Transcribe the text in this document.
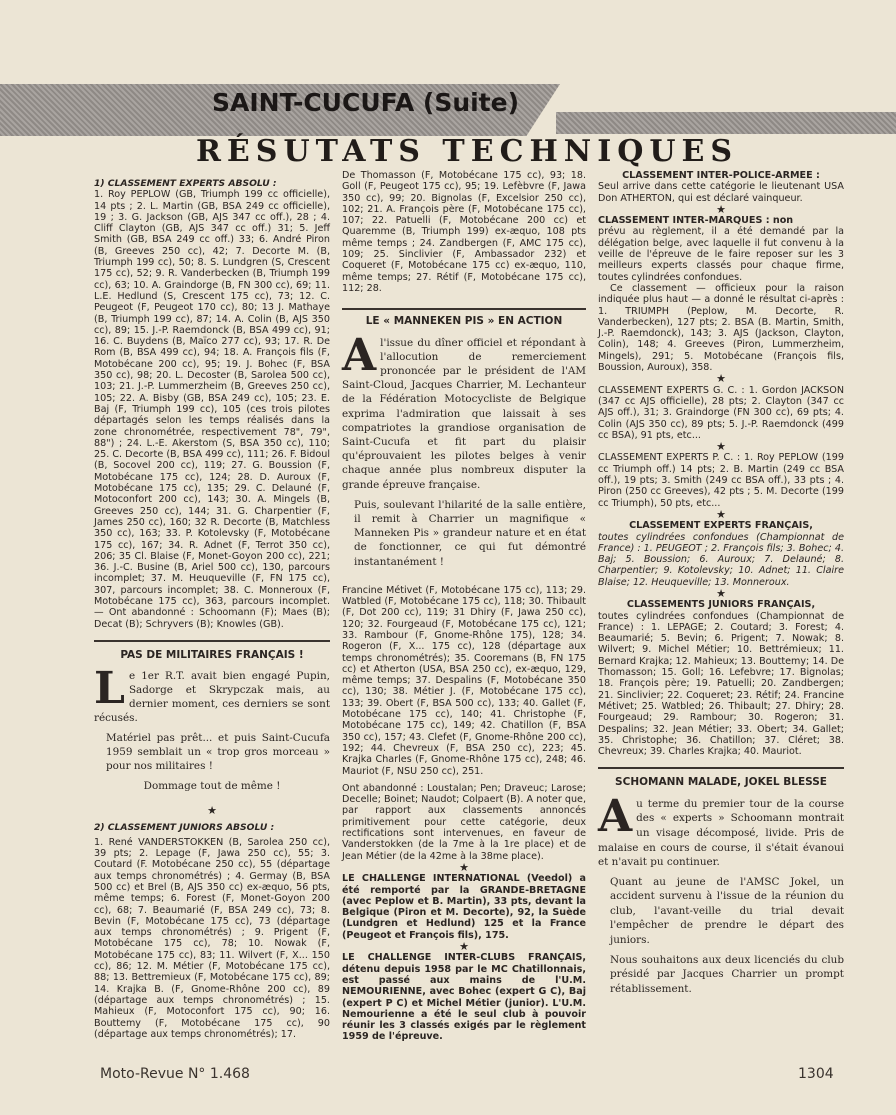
SAINT-CUCUFA (Suite)
RÉSUTATS TECHNIQUES

1) CLASSEMENT EXPERTS ABSOLU :

1. Roy PEPLOW (GB, Triumph 199 cc officielle), 14 pts ; 2. L. Martin (GB, BSA 249 cc officielle), 19 ; 3. G. Jackson (GB, AJS 347 cc off.), 28 ; 4. Cliff Clayton (GB, AJS 347 cc off.) 31; 5. Jeff Smith (GB, BSA 249 cc off.) 33; 6. André Piron (B, Greeves 250 cc), 42; 7. Decorte M. (B, Triumph 199 cc), 50; 8. S. Lundgren (S, Crescent 175 cc), 52; 9. R. Vanderbecken (B, Triumph 199 cc), 63; 10. A. Graindorge (B, FN 300 cc), 69; 11. L.E. Hedlund (S, Crescent 175 cc), 73; 12. C. Peugeot (F, Peugeot 170 cc), 80; 13 J. Mathaye (B, Triumph 199 cc), 87; 14. A. Colin (B, AJS 350 cc), 89; 15. J.-P. Raemdonck (B, BSA 499 cc), 91; 16. C. Buydens (B, Maïco 277 cc), 93; 17. R. De Rom (B, BSA 499 cc), 94; 18. A. François fils (F, Motobécane 200 cc), 95; 19. J. Bohec (F, BSA 350 cc), 98; 20. L. Decoster (B, Sarolea 500 cc), 103; 21. J.-P. Lummerzheim (B, Greeves 250 cc), 105; 22. A. Bisby (GB, BSA 249 cc), 105; 23. E. Baj (F, Triumph 199 cc), 105 (ces trois pilotes départagés selon les temps réalisés dans la zone chronométrée, respectivement 78", 79", 88") ; 24. L.-E. Akerstom (S, BSA 350 cc), 110; 25. C. Decorte (B, BSA 499 cc), 111; 26. F. Bidoul (B, Socovel 200 cc), 119; 27. G. Boussion (F, Motobécane 175 cc), 124; 28. D. Auroux (F, Motobécane 175 cc), 135; 29. C. Delauné (F, Motoconfort 200 cc), 143; 30. A. Mingels (B, Greeves 250 cc), 144; 31. G. Charpentier (F, James 250 cc), 160; 32 R. Decorte (B, Matchless 350 cc), 163; 33. P. Kotolevsky (F, Motobécane 175 cc), 167; 34. R. Adnet (F, Terrot 350 cc), 206; 35 Cl. Blaise (F, Monet-Goyon 200 cc), 221; 36. J.-C. Busine (B, Ariel 500 cc), 130, parcours incomplet; 37. M. Heuqueville (F, FN 175 cc), 307, parcours incomplet; 38. C. Monneroux (F, Motobécane 175 cc), 363, parcours incomplet. — Ont abandonné : Schoomann (F); Maes (B); Decat (B); Schryvers (B); Knowles (GB).

PAS DE MILITAIRES FRANÇAIS !
L e 1er R.T. avait bien engagé Pupin, Sadorge et Skrypczak mais, au dernier moment, ces derniers se sont récusés.

Matériel pas prêt... et puis Saint-Cucufa 1959 semblait un « trop gros morceau » pour nos militaires !

Dommage tout de même !

★

2) CLASSEMENT JUNIORS ABSOLU :

1. René VANDERSTOKKEN (B, Sarolea 250 cc), 39 pts; 2. Lepage (F, Jawa 250 cc), 55; 3. Coutard (F. Motobécane 250 cc), 55 (départage aux temps chronométrés) ; 4. Germay (B, BSA 500 cc) et Brel (B, AJS 350 cc) ex-æquo, 56 pts, même temps; 6. Forest (F, Monet-Goyon 200 cc), 68; 7. Beaumarié (F, BSA 249 cc), 73; 8. Bevin (F, Motobécane 175 cc), 73 (départage aux temps chronométrés) ; 9. Prigent (F, Motobécane 175 cc), 78; 10. Nowak (F, Motobécane 175 cc), 83; 11. Wilvert (F, X... 150 cc), 86; 12. M. Métier (F, Motobécane 175 cc), 88; 13. Bettremieux (F, Motobécane 175 cc), 89; 14. Krajka B. (F, Gnome-Rhône 200 cc), 89 (départage aux temps chronométrés) ; 15. Mahieux (F, Motoconfort 175 cc), 90; 16. Bouttemy (F, Motobécane 175 cc), 90 (départage aux temps chronométrés); 17.

De Thomasson (F, Motobécane 175 cc), 93; 18. Goll (F, Peugeot 175 cc), 95; 19. Lefèbvre (F, Jawa 350 cc), 99; 20. Bignolas (F, Excelsior 250 cc), 102; 21. A. François père (F, Motobécane 175 cc), 107; 22. Patuelli (F, Motobécane 200 cc) et Quaremme (B, Triumph 199) ex-æquo, 108 pts même temps ; 24. Zandbergen (F, AMC 175 cc), 109; 25. Sinclivier (F, Ambassador 232) et Coqueret (F, Motobécane 175 cc) ex-æquo, 110, même temps; 27. Rétif (F, Motobécane 175 cc), 112; 28.

LE « MANNEKEN PIS » EN ACTION
A l'issue du dîner officiel et répondant à l'allocution de remerciement prononcée par le président de l'AM Saint-Cloud, Jacques Charrier, M. Lechanteur de la Fédération Motocycliste de Belgique exprima l'admiration que laissait à ses compatriotes la grandiose organisation de Saint-Cucufa et fit part du plaisir qu'éprouvaient les pilotes belges à venir chaque année plus nombreux disputer la grande épreuve française.

Puis, soulevant l'hilarité de la salle entière, il remit à Charrier un magnifique « Manneken Pis » grandeur nature et en état de fonctionner, ce qui fut démontré instantanément !

Francine Métivet (F, Motobécane 175 cc), 113; 29. Watbled (F, Motobécane 175 cc), 118; 30. Thibault (F, Dot 200 cc), 119; 31 Dhiry (F, Jawa 250 cc), 120; 32. Fourgeaud (F, Motobécane 175 cc), 121; 33. Rambour (F, Gnome-Rhône 175), 128; 34. Rogeron (F, X... 175 cc), 128 (départage aux temps chronométrés); 35. Cooremans (B, FN 175 cc) et Atherton (USA, BSA 250 cc), ex-æquo, 129, même temps; 37. Despalins (F, Motobécane 350 cc), 130; 38. Métier J. (F, Motobécane 175 cc), 133; 39. Obert (F, BSA 500 cc), 133; 40. Gallet (F, Motobécane 175 cc), 140; 41. Christophe (F, Motobécane 175 cc), 149; 42. Chatillon (F, BSA 350 cc), 157; 43. Clefet (F, Gnome-Rhône 200 cc), 192; 44. Chevreux (F, BSA 250 cc), 223; 45. Krajka Charles (F, Gnome-Rhône 175 cc), 248; 46. Mauriot (F, NSU 250 cc), 251.

Ont abandonné : Loustalan; Pen; Draveuc; Larose; Decelle; Boinet; Naudot; Colpaert (B). A noter que, par rapport aux classements annoncés primitivement pour cette catégorie, deux rectifications sont intervenues, en faveur de Vanderstokken (de la 7me à la 1re place) et de Jean Métier (de la 42me à la 38me place).

★

LE CHALLENGE INTERNATIONAL (Veedol) a été remporté par la GRANDE-BRETAGNE (avec Peplow et B. Martin), 33 pts, devant la Belgique (Piron et M. Decorte), 92, la Suède (Lundgren et Hedlund) 125 et la France (Peugeot et François fils), 175.

★

LE CHALLENGE INTER-CLUBS FRANÇAIS, détenu depuis 1958 par le MC Chatillonnais, est passé aux mains de l'U.M. NEMOURIENNE, avec Bohec (expert G C), Baj (expert P C) et Michel Métier (junior). L'U.M. Nemourienne a été le seul club à pouvoir réunir les 3 classés exigés par le règlement 1959 de l'épreuve.

CLASSEMENT INTER-POLICE-ARMEE :

Seul arrive dans cette catégorie le lieutenant USA Don ATHERTON, qui est déclaré vainqueur.

★

CLASSEMENT INTER-MARQUES : non

prévu au règlement, il a été demandé par la délégation belge, avec laquelle il fut convenu à la veille de l'épreuve de le faire reposer sur les 3 meilleurs experts classés pour chaque firme, toutes cylindrées confondues.

Ce classement — officieux pour la raison indiquée plus haut — a donné le résultat ci-après : 1. TRIUMPH (Peplow, M. Decorte, R. Vanderbecken), 127 pts; 2. BSA (B. Martin, Smith, J.-P. Raemdonck), 143; 3. AJS (Jackson, Clayton, Colin), 148; 4. Greeves (Piron, Lummerzheim, Mingels), 291; 5. Motobécane (François fils, Boussion, Auroux), 358.

★

CLASSEMENT EXPERTS G. C. : 1. Gordon JACKSON (347 cc AJS officielle), 28 pts; 2. Clayton (347 cc AJS off.), 31; 3. Graindorge (FN 300 cc), 69 pts; 4. Colin (AJS 350 cc), 89 pts; 5. J.-P. Raemdonck (499 cc BSA), 91 pts, etc...

★

CLASSEMENT EXPERTS P. C. : 1. Roy PEPLOW (199 cc Triumph off.) 14 pts; 2. B. Martin (249 cc BSA off.), 19 pts; 3. Smith (249 cc BSA off.), 33 pts ; 4. Piron (250 cc Greeves), 42 pts ; 5. M. Decorte (199 cc Triumph), 50 pts, etc...

★

CLASSEMENT EXPERTS FRANÇAIS,

toutes cylindrées confondues (Championnat de France) : 1. PEUGEOT ; 2. François fils; 3. Bohec; 4. Baj; 5. Boussion; 6. Auroux; 7. Delauné; 8. Charpentier; 9. Kotolevsky; 10. Adnet; 11. Claire Blaise; 12. Heuqueville; 13. Monneroux.

★

CLASSEMENTS JUNIORS FRANÇAIS,

toutes cylindrées confondues (Championnat de France) : 1. LEPAGE; 2. Coutard; 3. Forest; 4. Beaumarié; 5. Bevin; 6. Prigent; 7. Nowak; 8. Wilvert; 9. Michel Métier; 10. Bettrémieux; 11. Bernard Krajka; 12. Mahieux; 13. Bouttemy; 14. De Thomasson; 15. Goll; 16. Lefebvre; 17. Bignolas; 18. François père; 19. Patuelli; 20. Zandbergen; 21. Sinclivier; 22. Coqueret; 23. Rétif; 24. Francine Métivet; 25. Watbled; 26. Thibault; 27. Dhiry; 28. Fourgeaud; 29. Rambour; 30. Rogeron; 31. Despalins; 32. Jean Métier; 33. Obert; 34. Gallet; 35. Christophe; 36. Chatillon; 37. Cléret; 38. Chevreux; 39. Charles Krajka; 40. Mauriot.

SCHOMANN MALADE, JOKEL BLESSE
A u terme du premier tour de la course des « experts » Schoomann montrait un visage décomposé, livide. Pris de malaise en cours de course, il s'était évanoui et n'avait pu continuer.

Quant au jeune de l'AMSC Jokel, un accident survenu à l'issue de la réunion du club, l'avant-veille du trial devait l'empêcher de prendre le départ des juniors.

Nous souhaitons aux deux licenciés du club présidé par Jacques Charrier un prompt rétablissement.

Moto-Revue N° 1.468	1304
